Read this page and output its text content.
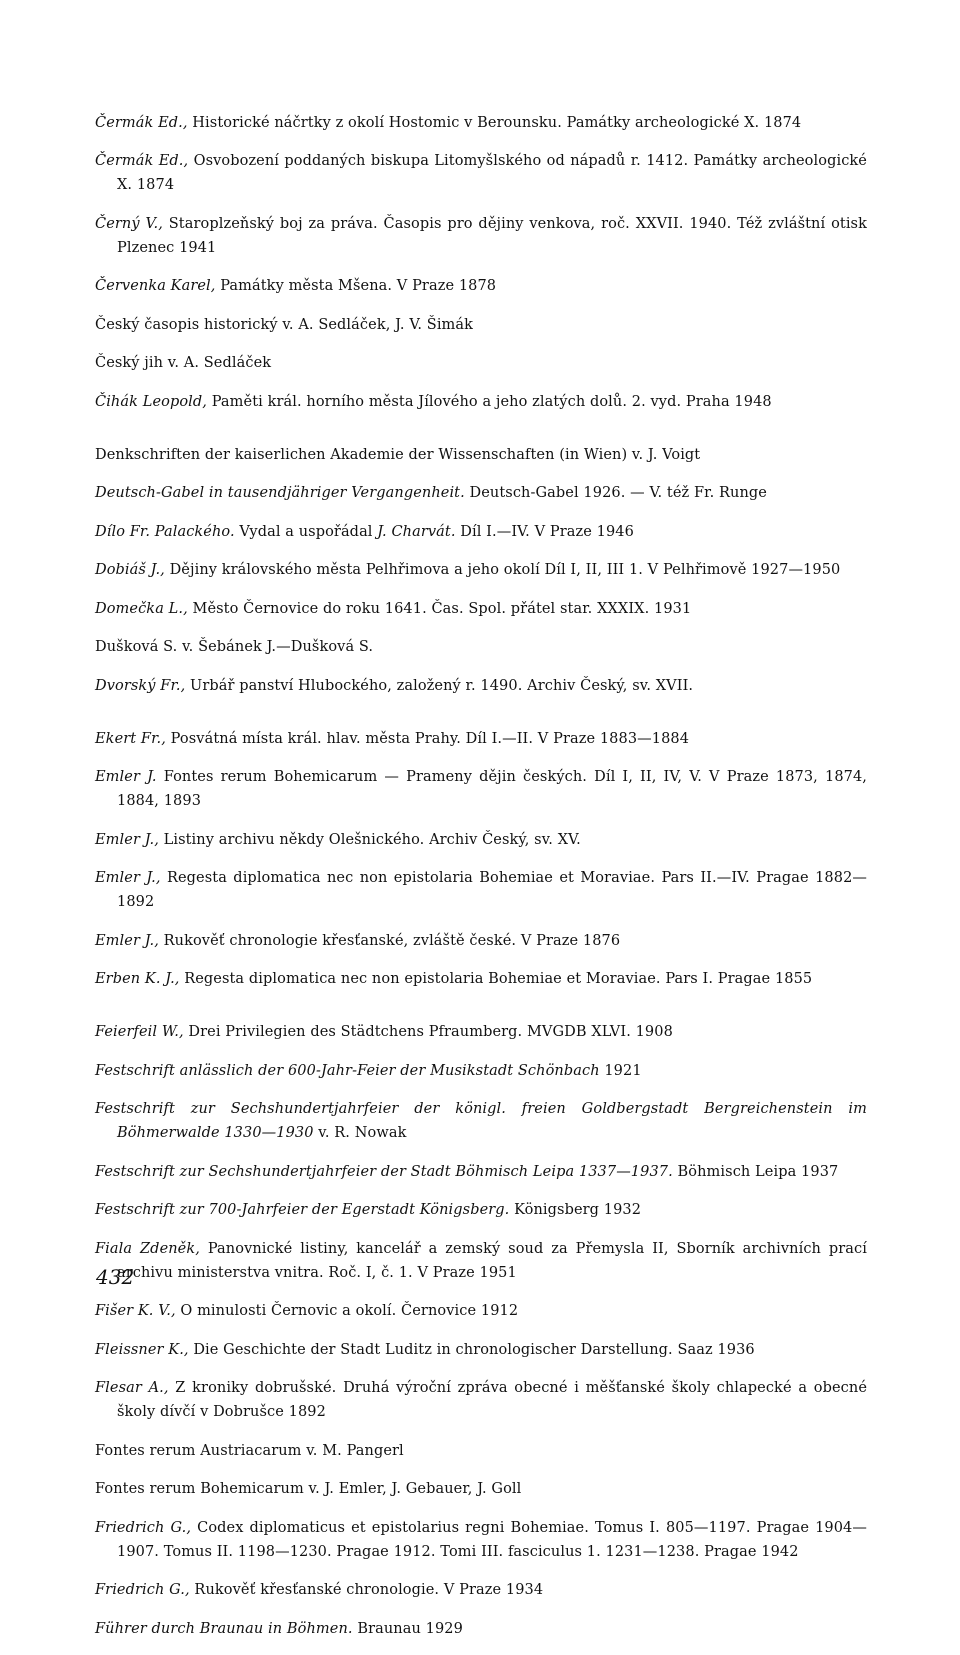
Čermák Ed., Historické náčrtky z okolí Hostomic v Berounsku. Památky archeologické X. 1874

Čermák Ed., Osvobození poddaných biskupa Litomyšlského od nápadů r. 1412. Památky archeologické X. 1874

Černý V., Staroplzeňský boj za práva. Časopis pro dějiny venkova, roč. XXVII. 1940. Též zvláštní otisk Plzenec 1941

Červenka Karel, Památky města Mšena. V Praze 1878

Český časopis historický v. A. Sedláček, J. V. Šimák

Český jih v. A. Sedláček

Čihák Leopold, Paměti král. horního města Jílového a jeho zlatých dolů. 2. vyd. Praha 1948

Denkschriften der kaiserlichen Akademie der Wissenschaften (in Wien) v. J. Voigt

Deutsch-Gabel in tausendjähriger Vergangenheit. Deutsch-Gabel 1926. — V. též Fr. Runge

Dílo Fr. Palackého. Vydal a uspořádal J. Charvát. Díl I.—IV. V Praze 1946

Dobiáš J., Dějiny královského města Pelhřimova a jeho okolí Díl I, II, III 1. V Pelhřimově 1927—1950

Domečka L., Město Černovice do roku 1641. Čas. Spol. přátel star. XXXIX. 1931

Dušková S. v. Šebánek J.—Dušková S.

Dvorský Fr., Urbář panství Hlubockého, založený r. 1490. Archiv Český, sv. XVII.

Ekert Fr., Posvátná místa král. hlav. města Prahy. Díl I.—II. V Praze 1883—1884

Emler J. Fontes rerum Bohemicarum — Prameny dějin českých. Díl I, II, IV, V. V Praze 1873, 1874, 1884, 1893

Emler J., Listiny archivu někdy Olešnického. Archiv Český, sv. XV.

Emler J., Regesta diplomatica nec non epistolaria Bohemiae et Moraviae. Pars II.—IV. Pragae 1882—1892

Emler J., Rukověť chronologie křesťanské, zvláště české. V Praze 1876

Erben K. J., Regesta diplomatica nec non epistolaria Bohemiae et Moraviae. Pars I. Pragae 1855

Feierfeil W., Drei Privilegien des Städtchens Pfraumberg. MVGDB XLVI. 1908

Festschrift anlässlich der 600-Jahr-Feier der Musikstadt Schönbach 1921

Festschrift zur Sechshundertjahrfeier der königl. freien Goldbergstadt Bergreichenstein im Böhmerwalde 1330—1930 v. R. Nowak

Festschrift zur Sechshundertjahrfeier der Stadt Böhmisch Leipa 1337—1937. Böhmisch Leipa 1937

Festschrift zur 700-Jahrfeier der Egerstadt Königsberg. Königsberg 1932

Fiala Zdeněk, Panovnické listiny, kancelář a zemský soud za Přemysla II, Sborník archivních prací archivu ministerstva vnitra. Roč. I, č. 1. V Praze 1951

Fišer K. V., O minulosti Černovic a okolí. Černovice 1912

Fleissner K., Die Geschichte der Stadt Luditz in chronologischer Darstellung. Saaz 1936

Flesar A., Z kroniky dobrušské. Druhá výroční zpráva obecné i měšťanské školy chlapecké a obecné školy dívčí v Dobrušce 1892

Fontes rerum Austriacarum v. M. Pangerl

Fontes rerum Bohemicarum v. J. Emler, J. Gebauer, J. Goll

Friedrich G., Codex diplomaticus et epistolarius regni Bohemiae. Tomus I. 805—1197. Pragae 1904—1907. Tomus II. 1198—1230. Pragae 1912. Tomi III. fasciculus 1. 1231—1238. Pragae 1942

Friedrich G., Rukověť křesťanské chronologie. V Praze 1934

Führer durch Braunau in Böhmen. Braunau 1929

432
